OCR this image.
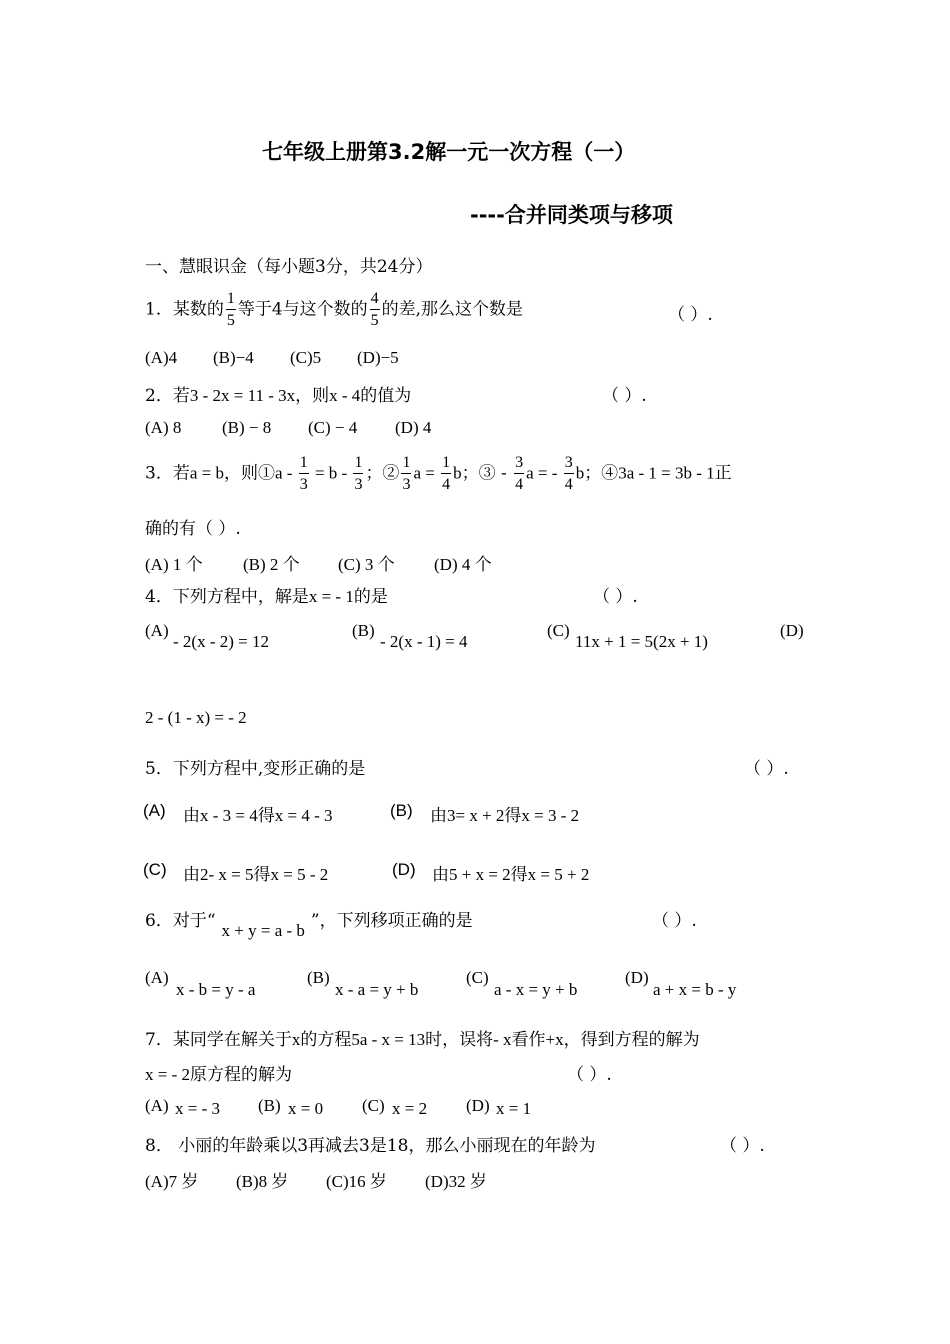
七年级上册第3.2解一元一次方程（一）
----合并同类项与移项
一、慧眼识金（每小题3分，共24分）
1．某数的 $\frac{1}{5}$ 等于4与这个数的 $\frac{4}{5}$ 的差,那么这个数是	（ ）.
(A)4 (B)−4 (C)5 (D)−5
2．若3 - 2x = 11 - 3x，则x - 4的值为	（ ）.
(A) 8 (B) − 8 (C) − 4 (D) 4
3．若a = b，则①a - $\frac{1}{3} = b - \frac{1}{3}$ ；② $\frac{1}{3}$ $a = \frac{1}{4}$ b；③ - $\frac{3}{4}$ a = - $\frac{3}{4}$ b；④3a - 1 = 3b - 1正
确的有（ ）.
(A) 1 个 (B) 2 个 (C) 3 个 (D) 4 个
4．下列方程中，解是x = - 1的是	（ ）.
(A)
- 2(x - 2) = 12
(B)
- 2(x - 1) = 4
(C)
11x + 1 = 5(2x + 1)
(D)
2 - (1 - x) = - 2
5．下列方程中,变形正确的是	（ ）.
(A) 由x - 3 = 4得x = 4 - 3	(B) 由3= x + 2得x = 3 - 2
(C) 由2- x = 5得x = 5 - 2	(D) 由5 + x = 2得x = 5 + 2
6．对于“ x + y = a - b ”，下列移项正确的是	（ ）.
(A)
x - b = y - a
(B)
x - a = y + b
(C)
a - x = y + b
(D)
a + x = b - y
7．某同学在解关于x的方程5a - x = 13时，误将- x看作+x，得到方程的解为
x = - 2原方程的解为	（ ）.
(A) x = - 3 (B) x = 0 (C) x = 2 (D) x = 1
8． 小丽的年龄乘以3再减去3是18，那么小丽现在的年龄为	（ ）.
(A)7 岁 (B)8 岁 (C)16 岁 (D)32 岁
